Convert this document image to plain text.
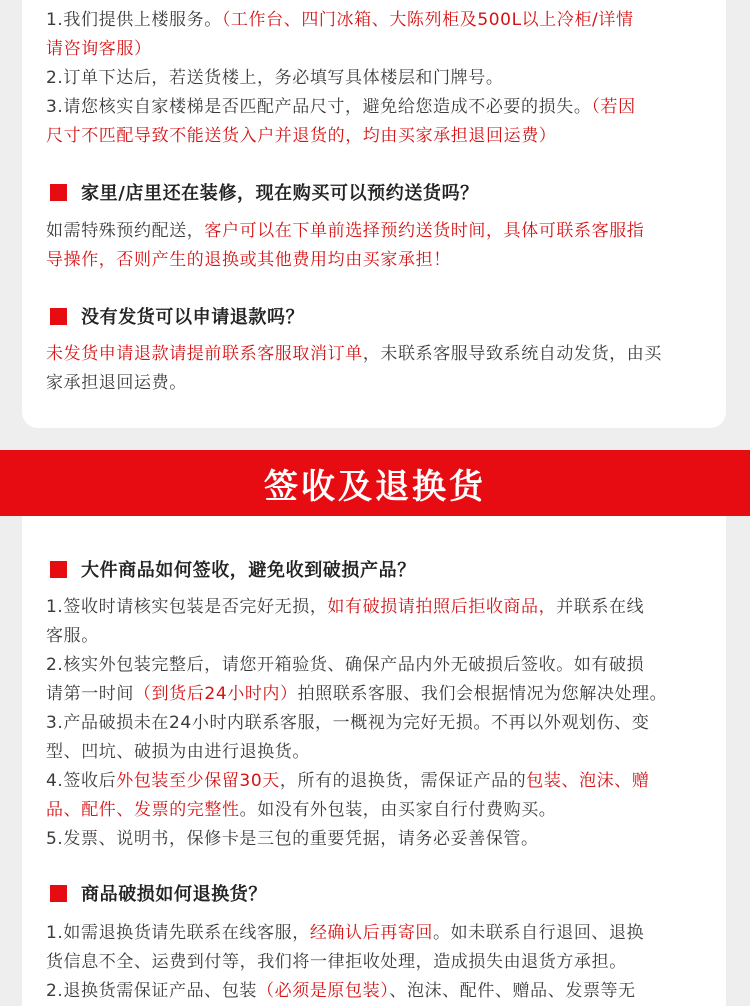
1.我们提供上楼服务。（工作台、四门冰箱、大陈列柜及500L以上冷柜/详情

请咨询客服）

2.订单下达后，若送货楼上，务必填写具体楼层和门牌号。

3.请您核实自家楼梯是否匹配产品尺寸，避免给您造成不必要的损失。（若因

尺寸不匹配导致不能送货入户并退货的，均由买家承担退回运费）

家里/店里还在装修，现在购买可以预约送货吗？

如需特殊预约配送，客户可以在下单前选择预约送货时间，具体可联系客服指

导操作，否则产生的退换或其他费用均由买家承担！

没有发货可以申请退款吗？

未发货申请退款请提前联系客服取消订单，未联系客服导致系统自动发货，由买

家承担退回运费。

签收及退换货
大件商品如何签收，避免收到破损产品？

1.签收时请核实包装是否完好无损，如有破损请拍照后拒收商品，并联系在线

客服。

2.核实外包装完整后，请您开箱验货、确保产品内外无破损后签收。如有破损

请第一时间（到货后24小时内）拍照联系客服、我们会根据情况为您解决处理。

3.产品破损未在24小时内联系客服，一概视为完好无损。不再以外观划伤、变

型、凹坑、破损为由进行退换货。

4.签收后外包装至少保留30天，所有的退换货，需保证产品的包装、泡沫、赠

品、配件、发票的完整性。如没有外包装，由买家自行付费购买。

5.发票、说明书，保修卡是三包的重要凭据，请务必妥善保管。

商品破损如何退换货？

1.如需退换货请先联系在线客服，经确认后再寄回。如未联系自行退回、退换

货信息不全、运费到付等，我们将一律拒收处理，造成损失由退货方承担。

2.退换货需保证产品、包装（必须是原包装）、泡沫、配件、赠品、发票等无
